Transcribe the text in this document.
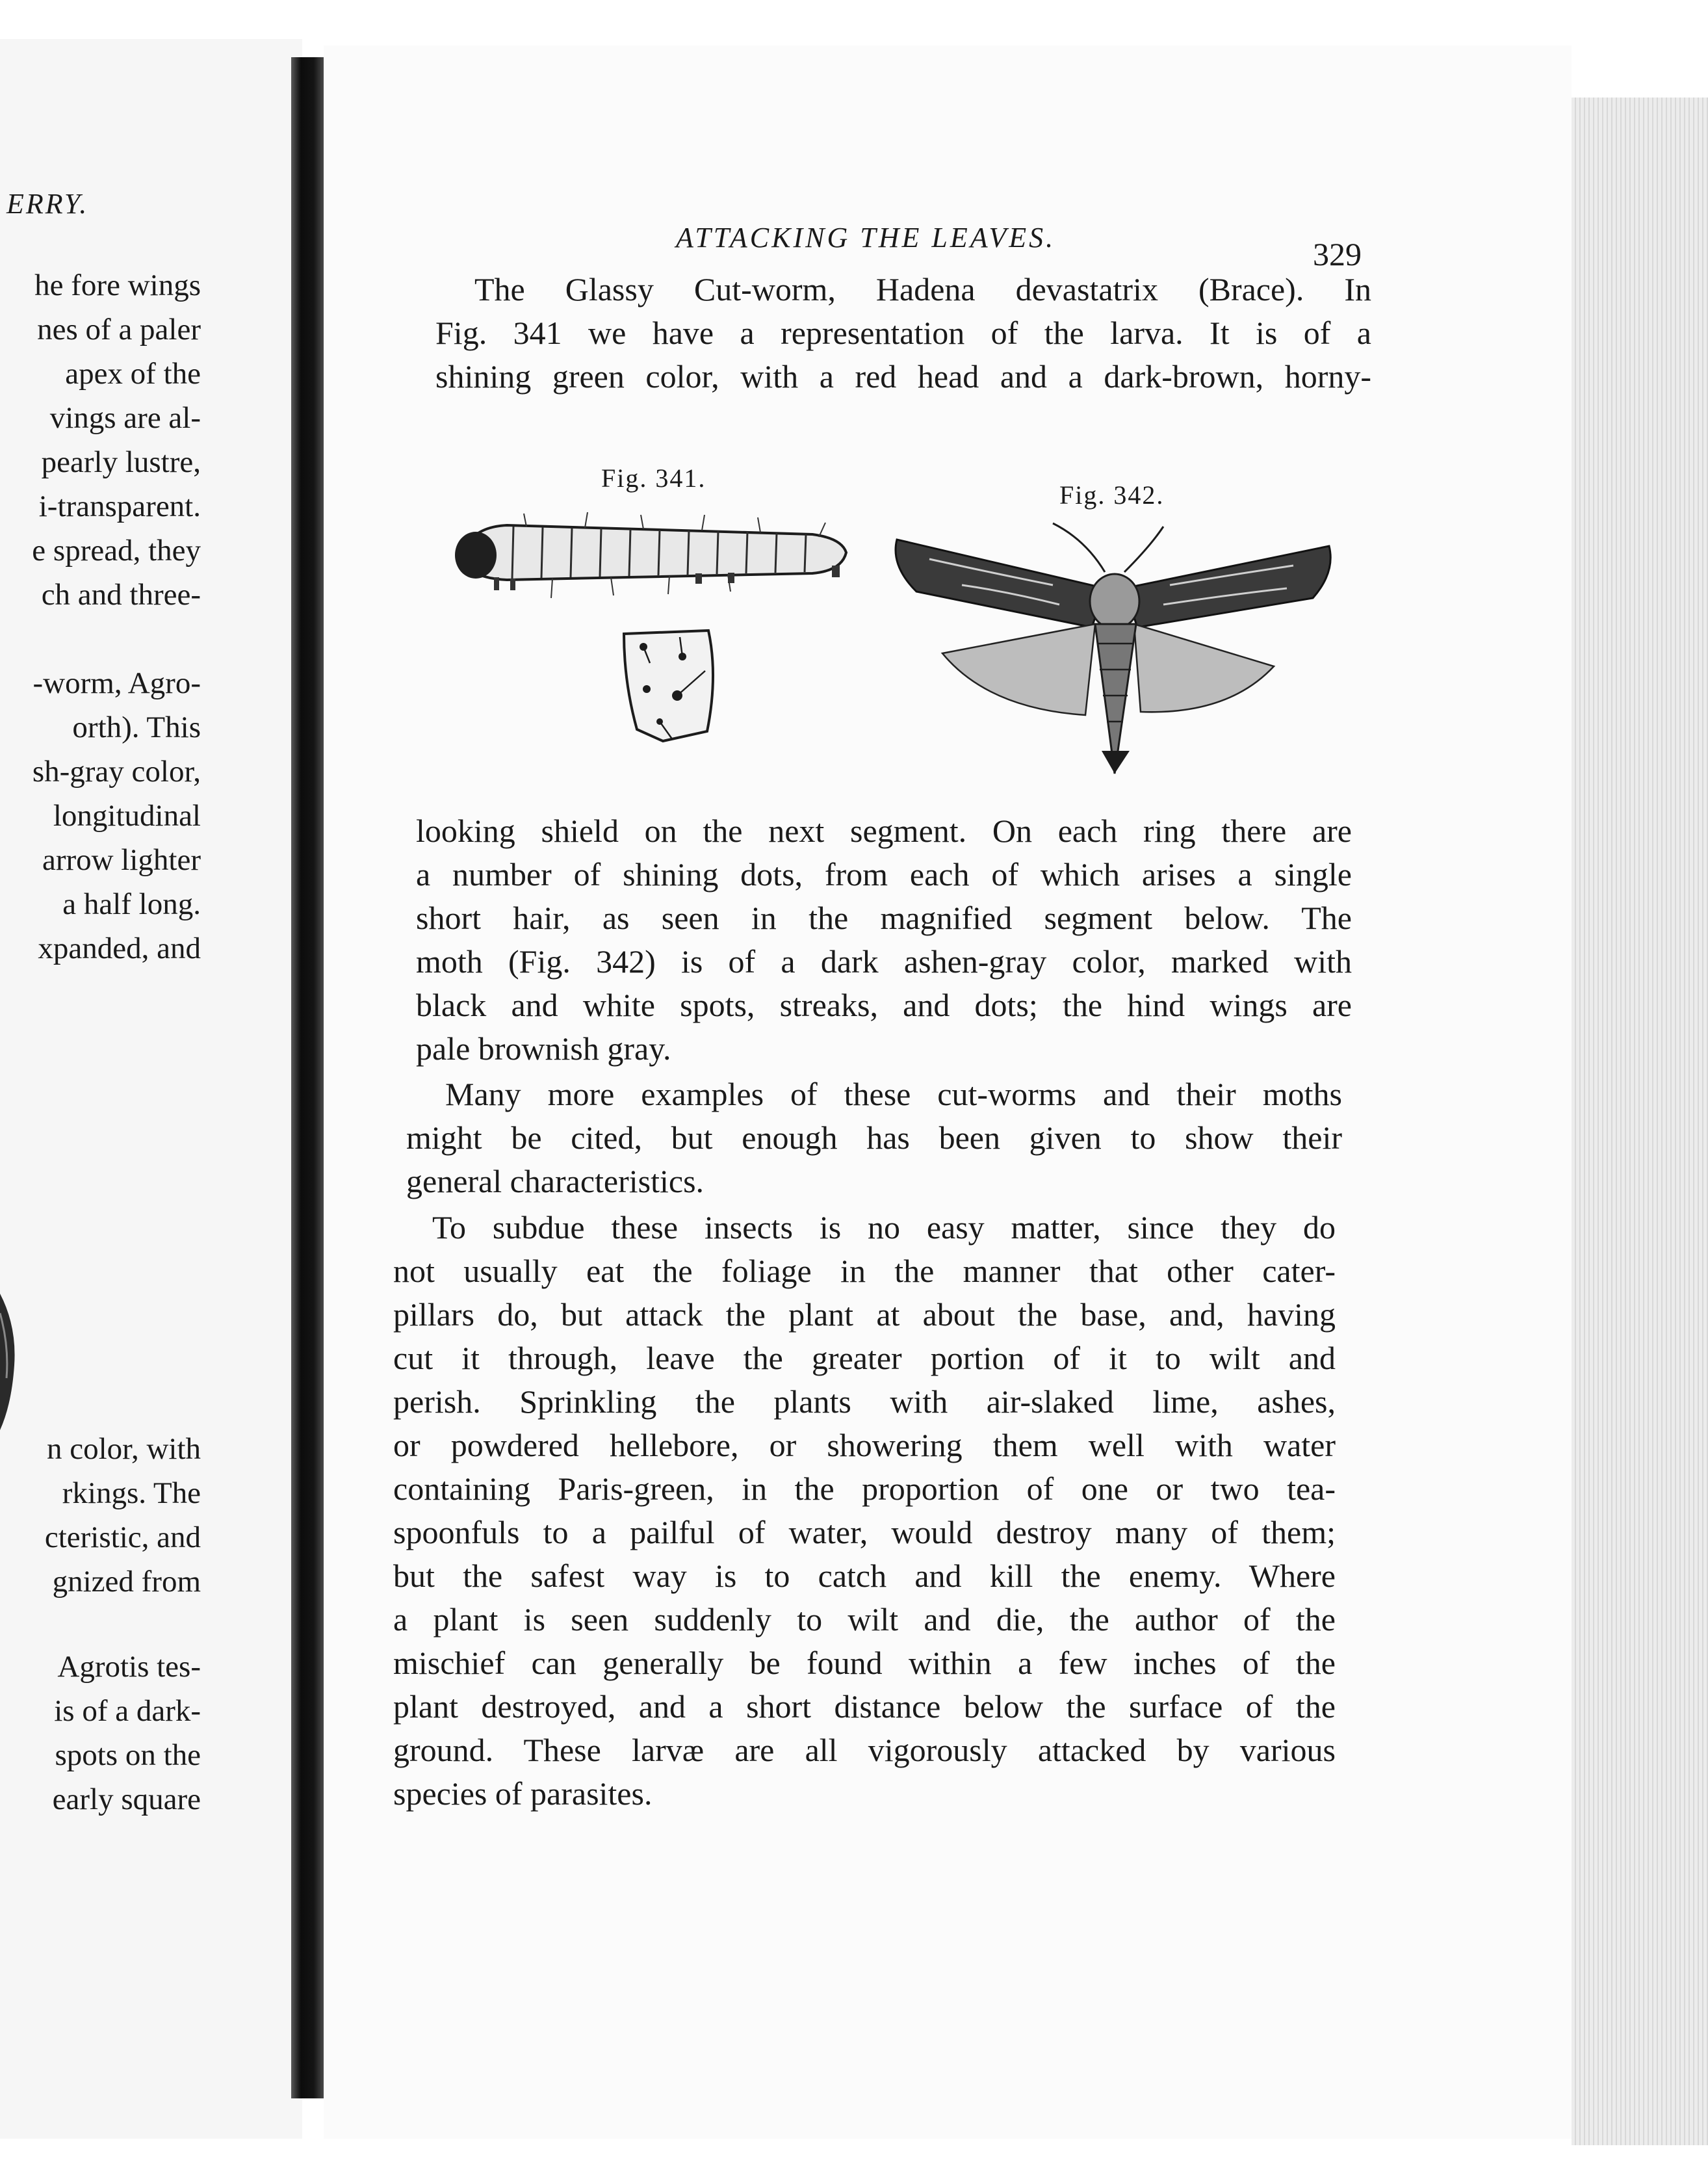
ERRY.
he fore wings
nes of a paler
apex of the
vings are al-
pearly lustre,
i-transparent.
e spread, they
ch and three-
-worm, Agro-
orth). This
sh-gray color,
longitudinal
arrow lighter
a half long.
xpanded, and
n color, with
rkings. The
cteristic, and
gnized from
Agrotis tes-
is of a dark-
spots on the
early square
ATTACKING THE LEAVES.	329
The Glassy Cut-worm, Hadena devastatrix (Brace). In
Fig. 341 we have a representation of the larva. It is of a
shining green color, with a red head and a dark-brown, horny-
Fig. 341.
Fig. 342.
looking shield on the next segment. On each ring there are
a number of shining dots, from each of which arises a single
short hair, as seen in the magnified segment below. The
moth (Fig. 342) is of a dark ashen-gray color, marked with
black and white spots, streaks, and dots; the hind wings are
pale brownish gray.
Many more examples of these cut-worms and their moths
might be cited, but enough has been given to show their
general characteristics.
To subdue these insects is no easy matter, since they do
not usually eat the foliage in the manner that other cater-
pillars do, but attack the plant at about the base, and, having
cut it through, leave the greater portion of it to wilt and
perish. Sprinkling the plants with air-slaked lime, ashes,
or powdered hellebore, or showering them well with water
containing Paris-green, in the proportion of one or two tea-
spoonfuls to a pailful of water, would destroy many of them;
but the safest way is to catch and kill the enemy. Where
a plant is seen suddenly to wilt and die, the author of the
mischief can generally be found within a few inches of the
plant destroyed, and a short distance below the surface of the
ground. These larvæ are all vigorously attacked by various
species of parasites.
